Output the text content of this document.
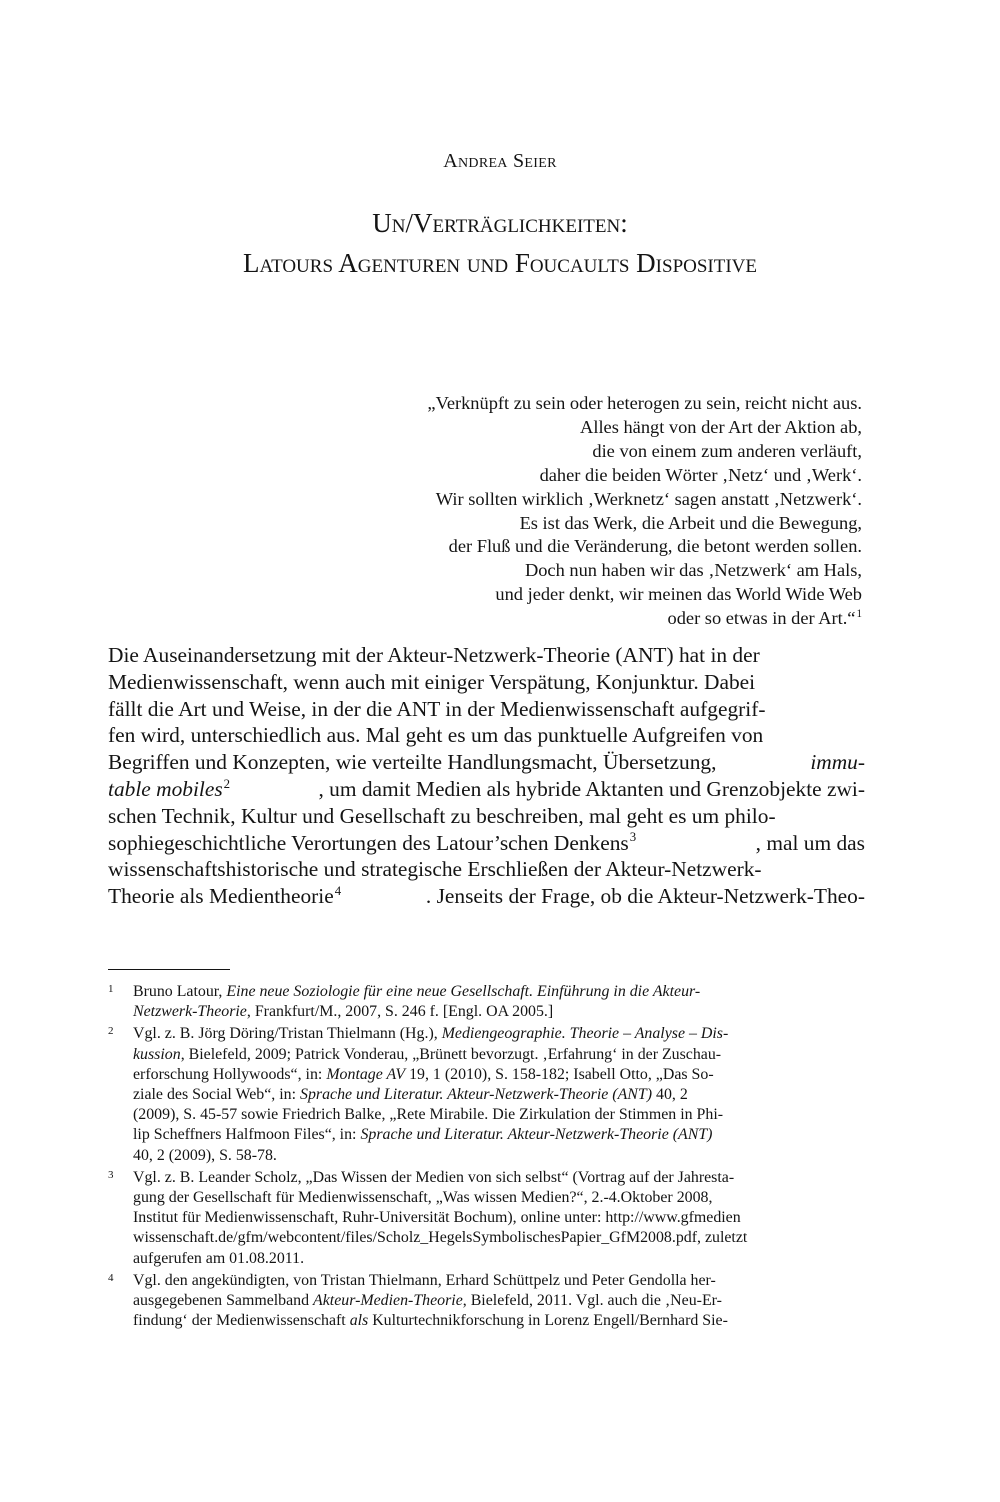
Andrea Seier
Un/Verträglichkeiten:
Latours Agenturen und Foucaults Dispositive
„Verknüpft zu sein oder heterogen zu sein, reicht nicht aus.
Alles hängt von der Art der Aktion ab,
die von einem zum anderen verläuft,
daher die beiden Wörter ‚Netz‘ und ‚Werk‘.
Wir sollten wirklich ‚Werknetz‘ sagen anstatt ‚Netzwerk‘.
Es ist das Werk, die Arbeit und die Bewegung,
der Fluß und die Veränderung, die betont werden sollen.
Doch nun haben wir das ‚Netzwerk‘ am Hals,
und jeder denkt, wir meinen das World Wide Web
oder so etwas in der Art.“$^1$
Die Auseinandersetzung mit der Akteur-Netzwerk-Theorie (ANT) hat in der
Medienwissenschaft, wenn auch mit einiger Verspätung, Konjunktur. Dabei
fällt die Art und Weise, in der die ANT in der Medienwissenschaft aufgegrif-
fen wird, unterschiedlich aus. Mal geht es um das punktuelle Aufgreifen von
Begriffen und Konzepten, wie verteilte Handlungsmacht, Übersetzung,	immu-
table mobiles$^2$	, um damit Medien als hybride Aktanten und Grenzobjekte zwi-
schen Technik, Kultur und Gesellschaft zu beschreiben, mal geht es um philo-
sophiegeschichtliche Verortungen des Latour’schen Denkens$^3$	, mal um das
wissenschaftshistorische und strategische Erschließen der Akteur-Netzwerk-
Theorie als Medientheorie$^4$	. Jenseits der Frage, ob die Akteur-Netzwerk-Theo-
1 Bruno Latour, Eine neue Soziologie für eine neue Gesellschaft. Einführung in die Akteur-
Netzwerk-Theorie, Frankfurt/M., 2007, S. 246 f. [Engl. OA 2005.]
2 Vgl. z. B. Jörg Döring/Tristan Thielmann (Hg.), Mediengeographie. Theorie – Analyse – Dis-
kussion, Bielefeld, 2009; Patrick Vonderau, „Brünett bevorzugt. ‚Erfahrung‘ in der Zuschau-
erforschung Hollywoods“, in: Montage AV 19, 1 (2010), S. 158-182; Isabell Otto, „Das So-
ziale des Social Web“, in: Sprache und Literatur. Akteur-Netzwerk-Theorie (ANT) 40, 2
(2009), S. 45-57 sowie Friedrich Balke, „Rete Mirabile. Die Zirkulation der Stimmen in Phi-
lip Scheffners Halfmoon Files“, in: Sprache und Literatur. Akteur-Netzwerk-Theorie (ANT)
40, 2 (2009), S. 58-78.
3 Vgl. z. B. Leander Scholz, „Das Wissen der Medien von sich selbst“ (Vortrag auf der Jahresta-
gung der Gesellschaft für Medienwissenschaft, „Was wissen Medien?“, 2.-4.Oktober 2008,
Institut für Medienwissenschaft, Ruhr-Universität Bochum), online unter: http://www.gfmedien
wissenschaft.de/gfm/webcontent/files/Scholz_HegelsSymbolischesPapier_GfM2008.pdf, zuletzt
aufgerufen am 01.08.2011.
4 Vgl. den angekündigten, von Tristan Thielmann, Erhard Schüttpelz und Peter Gendolla her-
ausgegebenen Sammelband Akteur-Medien-Theorie, Bielefeld, 2011. Vgl. auch die ‚Neu-Er-
findung‘ der Medienwissenschaft als Kulturtechnikforschung in Lorenz Engell/Bernhard Sie-
